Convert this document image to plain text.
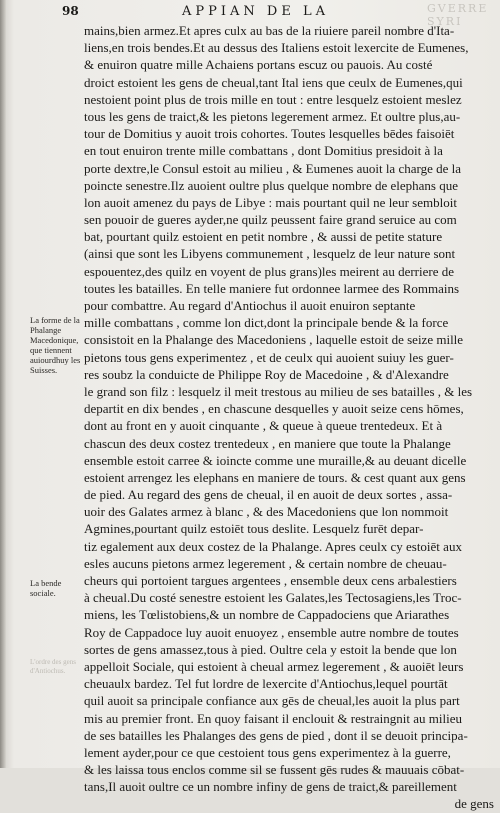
98	APPIAN DE LA	GVERRE SYRI
La forme de la Phalange Macedonique, que tiennent auiourdhuy les Suisses.
La bende sociale.
L'ordre des gens d'Antiochus.
mains,bien armez.Et apres culx au bas de la riuiere pareil nombre d'Ita-
liens,en trois bendes.Et au dessus des Italiens estoit lexercite de Eumenes,
& enuiron quatre mille Achaiens portans escuz ou pauois. Au costé
droict estoient les gens de cheual,tant Ital iens que ceulx de Eumenes,qui
nestoient point plus de trois mille en tout : entre lesquelz estoient meslez
tous les gens de traict,& les pietons legerement armez. Et oultre plus,au-
tour de Domitius y auoit trois cohortes. Toutes lesquelles bēdes faisoiēt
en tout enuiron trente mille combattans , dont Domitius presidoit à la
porte dextre,le Consul estoit au milieu , & Eumenes auoit la charge de la
poincte senestre.Ilz auoient oultre plus quelque nombre de elephans que
lon auoit amenez du pays de Libye : mais pourtant quil ne leur sembloit
sen pouoir de gueres ayder,ne quilz peussent faire grand seruice au com
bat, pourtant quilz estoient en petit nombre , & aussi de petite stature
(ainsi que sont les Libyens communement , lesquelz de leur nature sont
espouentez,des quilz en voyent de plus grans)les meirent au derriere de
toutes les batailles. En telle maniere fut ordonnee larmee des Rommains
pour combattre. Au regard d'Antiochus il auoit enuiron septante
mille combattans , comme lon dict,dont la principale bende & la force
consistoit en la Phalange des Macedoniens , laquelle estoit de seize mille
pietons tous gens experimentez , et de ceulx qui auoient suiuy les guer-
res soubz la conduicte de Philippe Roy de Macedoine , & d'Alexandre
le grand son filz : lesquelz il meit trestous au milieu de ses batailles , & les
departit en dix bendes , en chascune desquelles y auoit seize cens hōmes,
dont au front en y auoit cinquante , & queue à queue trentedeux. Et à
chascun des deux costez trentedeux , en maniere que toute la Phalange
ensemble estoit carree & ioincte comme une muraille,& au deuant dicelle
estoient arrengez les elephans en maniere de tours. & cest quant aux gens
de pied. Au regard des gens de cheual, il en auoit de deux sortes , assa-
uoir des Galates armez à blanc , & des Macedoniens que lon nommoit
Agmines,pourtant quilz estoiēt tous deslite. Lesquelz furēt depar-
tiz egalement aux deux costez de la Phalange. Apres ceulx cy estoiēt aux
esles aucuns pietons armez legerement , & certain nombre de cheuau-
cheurs qui portoient targues argentees , ensemble deux cens arbalestiers
à cheual.Du costé senestre estoient les Galates,les Tectosagiens,les Troc-
miens, les Tœlistobiens,& un nombre de Cappadociens que Ariarathes
Roy de Cappadoce luy auoit enuoyez , ensemble autre nombre de toutes
sortes de gens amassez,tous à pied. Oultre cela y estoit la bende que lon
appelloit Sociale, qui estoient à cheual armez legerement , & auoiēt leurs
cheuaulx bardez. Tel fut lordre de lexercite d'Antiochus,lequel pourtāt
quil auoit sa principale confiance aux gēs de cheual,les auoit la plus part
mis au premier front. En quoy faisant il enclouit & restraingnit au milieu
de ses batailles les Phalanges des gens de pied , dont il se deuoit principa-
lement ayder,pour ce que cestoient tous gens experimentez à la guerre,
& les laissa tous enclos comme sil se fussent gēs rudes & mauuais cōbat-
tans,Il auoit oultre ce un nombre infiny de gens de traict,& pareillement
de gens
